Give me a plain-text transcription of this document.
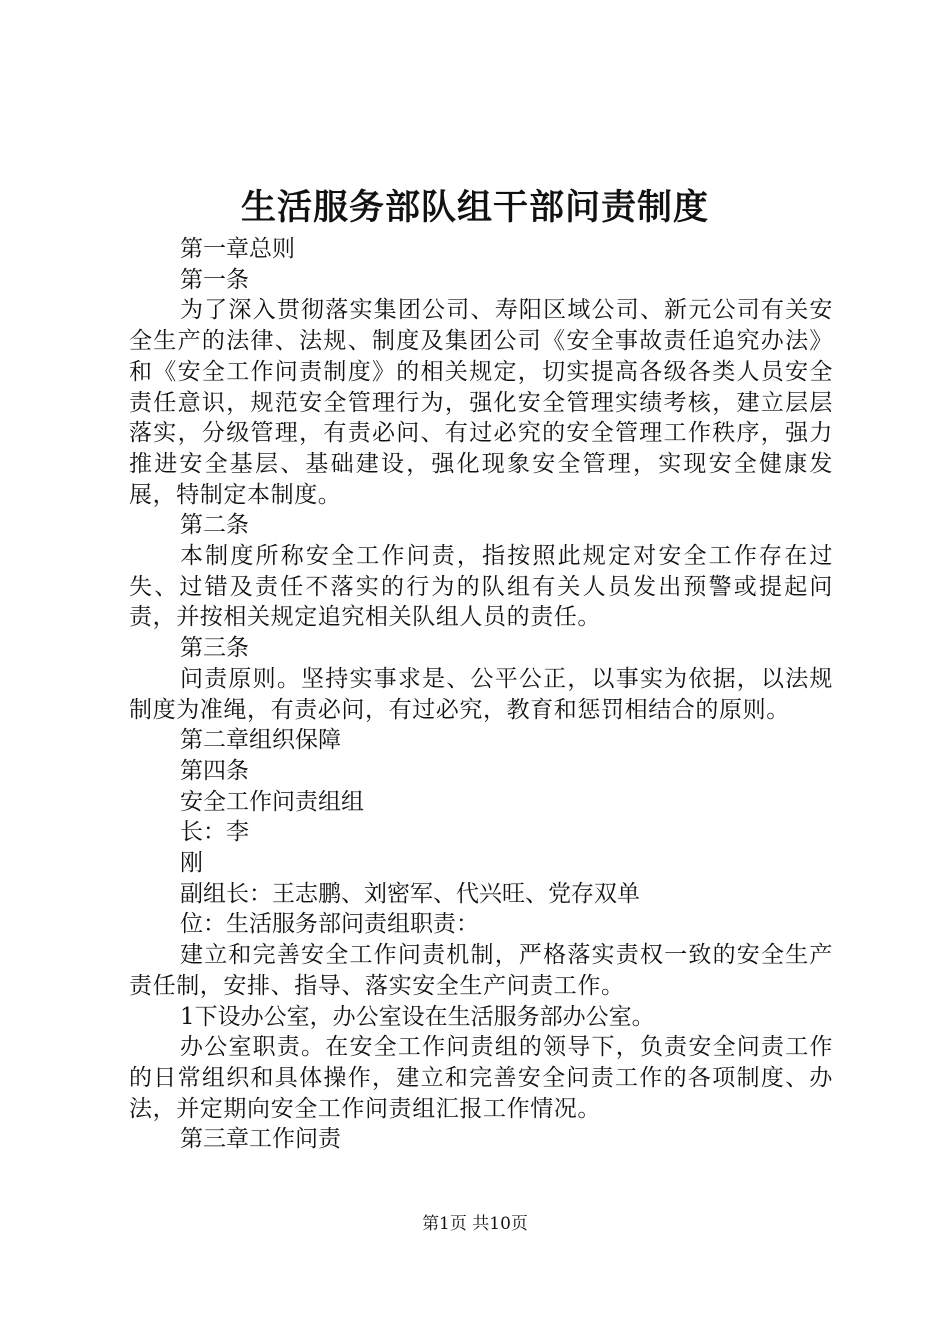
生活服务部队组干部问责制度

第一章总则

第一条

为了深入贯彻落实集团公司、寿阳区域公司、新元公司有关安全生产的法律、法规、制度及集团公司《安全事故责任追究办法》和《安全工作问责制度》的相关规定，切实提高各级各类人员安全责任意识，规范安全管理行为，强化安全管理实绩考核，建立层层落实，分级管理，有责必问、有过必究的安全管理工作秩序，强力推进安全基层、基础建设，强化现象安全管理，实现安全健康发展，特制定本制度。

第二条

本制度所称安全工作问责，指按照此规定对安全工作存在过失、过错及责任不落实的行为的队组有关人员发出预警或提起问责，并按相关规定追究相关队组人员的责任。

第三条

问责原则。坚持实事求是、公平公正，以事实为依据，以法规制度为准绳，有责必问，有过必究，教育和惩罚相结合的原则。

第二章组织保障

第四条

安全工作问责组组

长：李

刚

副组长：王志鹏、刘密军、代兴旺、党存双单

位：生活服务部问责组职责：

建立和完善安全工作问责机制，严格落实责权一致的安全生产责任制，安排、指导、落实安全生产问责工作。

1下设办公室，办公室设在生活服务部办公室。

办公室职责。在安全工作问责组的领导下，负责安全问责工作的日常组织和具体操作，建立和完善安全问责工作的各项制度、办法，并定期向安全工作问责组汇报工作情况。

第三章工作问责

第1页 共10页
